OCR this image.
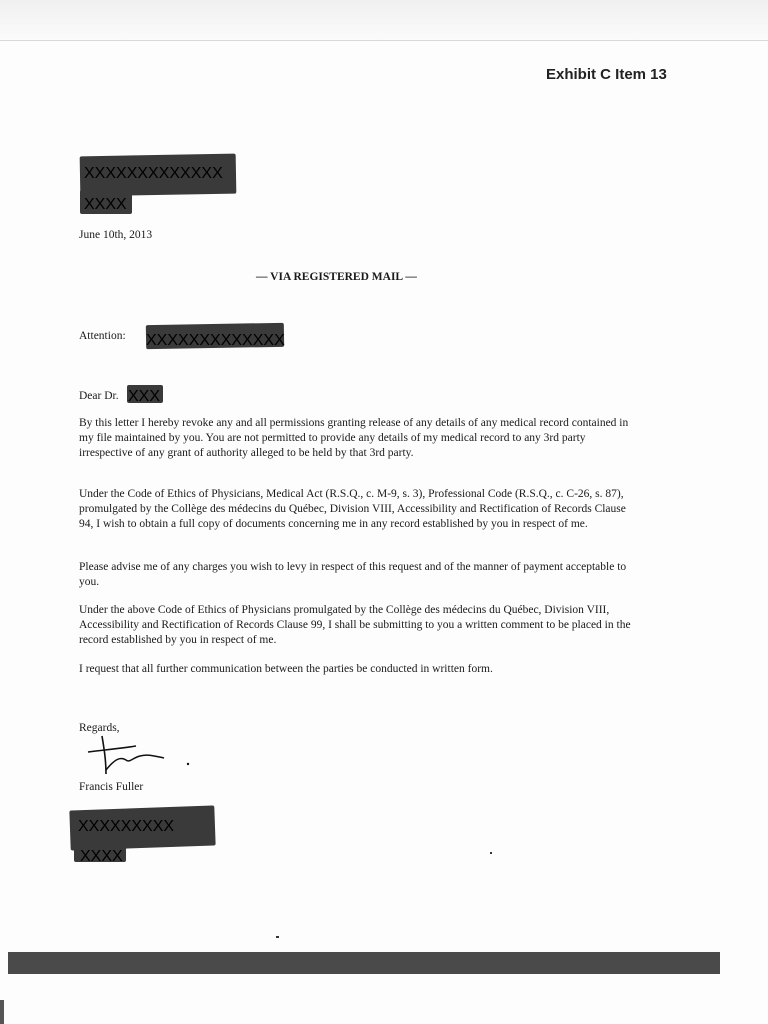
Exhibit C Item 13
XXXXXXXXXXXXX
XXXX
June 10th, 2013
— VIA REGISTERED MAIL —
Attention: XXXXXXXXXXXXX
Dear Dr. XXX
By this letter I hereby revoke any and all permissions granting release of any details of any medical record contained in my file maintained by you. You are not permitted to provide any details of my medical record to any 3rd party irrespective of any grant of authority alleged to be held by that 3rd party.
Under the Code of Ethics of Physicians, Medical Act (R.S.Q., c. M-9, s. 3), Professional Code (R.S.Q., c. C-26, s. 87), promulgated by the Collège des médecins du Québec, Division VIII, Accessibility and Rectification of Records Clause 94, I wish to obtain a full copy of documents concerning me in any record established by you in respect of me.
Please advise me of any charges you wish to levy in respect of this request and of the manner of payment acceptable to you.
Under the above Code of Ethics of Physicians promulgated by the Collège des médecins du Québec, Division VIII, Accessibility and Rectification of Records Clause 99, I shall be submitting to you a written comment to be placed in the record established by you in respect of me.
I request that all further communication between the parties be conducted in written form.
Regards,
Francis Fuller
XXXXXXXXX
XXXX
